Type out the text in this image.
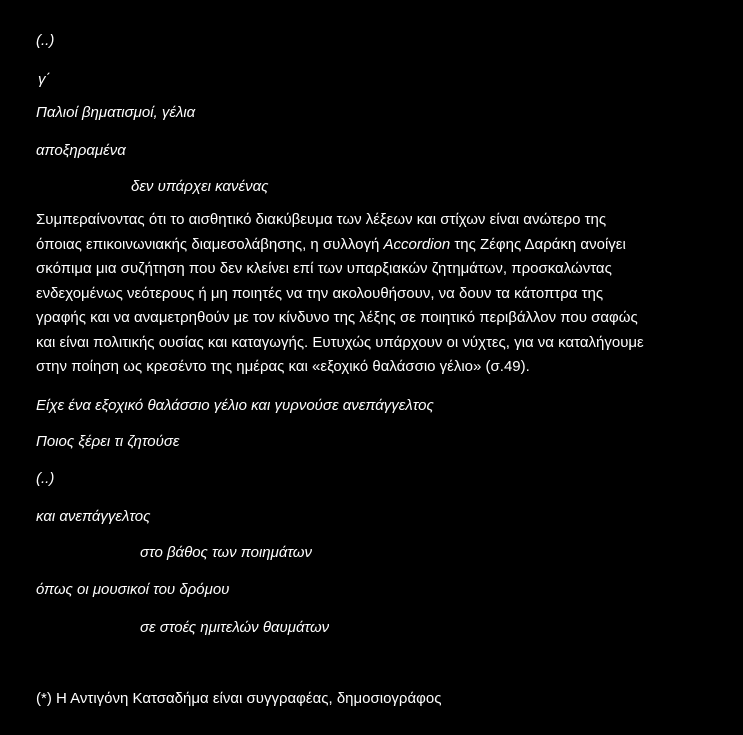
(..)
γ΄
Παλιοί βηματισμοί, γέλια
αποξηραμένα
δεν υπάρχει κανένας
Συμπεραίνοντας ότι το αισθητικό διακύβευμα των λέξεων και στίχων είναι ανώτερο της
όποιας επικοινωνιακής διαμεσολάβησης, η συλλογή Accordion της Ζέφης Δαράκη ανοίγει
σκόπιμα μια συζήτηση που δεν κλείνει επί των υπαρξιακών ζητημάτων, προσκαλώντας
ενδεχομένως νεότερους ή μη ποιητές να την ακολουθήσουν, να δουν τα κάτοπτρα της
γραφής και να αναμετρηθούν με τον κίνδυνο της λέξης σε ποιητικό περιβάλλον που σαφώς
και είναι πολιτικής ουσίας και καταγωγής. Ευτυχώς υπάρχουν οι νύχτες, για να καταλήγουμε
στην ποίηση ως κρεσέντο της ημέρας και «εξοχικό θαλάσσιο γέλιο» (σ.49).
Είχε ένα εξοχικό θαλάσσιο γέλιο και γυρνούσε ανεπάγγελτος
Ποιος ξέρει τι ζητούσε
(..)
και ανεπάγγελτος
στο βάθος των ποιημάτων
όπως οι μουσικοί του δρόμου
σε στοές ημιτελών θαυμάτων
(*) Η Αντιγόνη Κατσαδήμα είναι συγγραφέας, δημοσιογράφος
